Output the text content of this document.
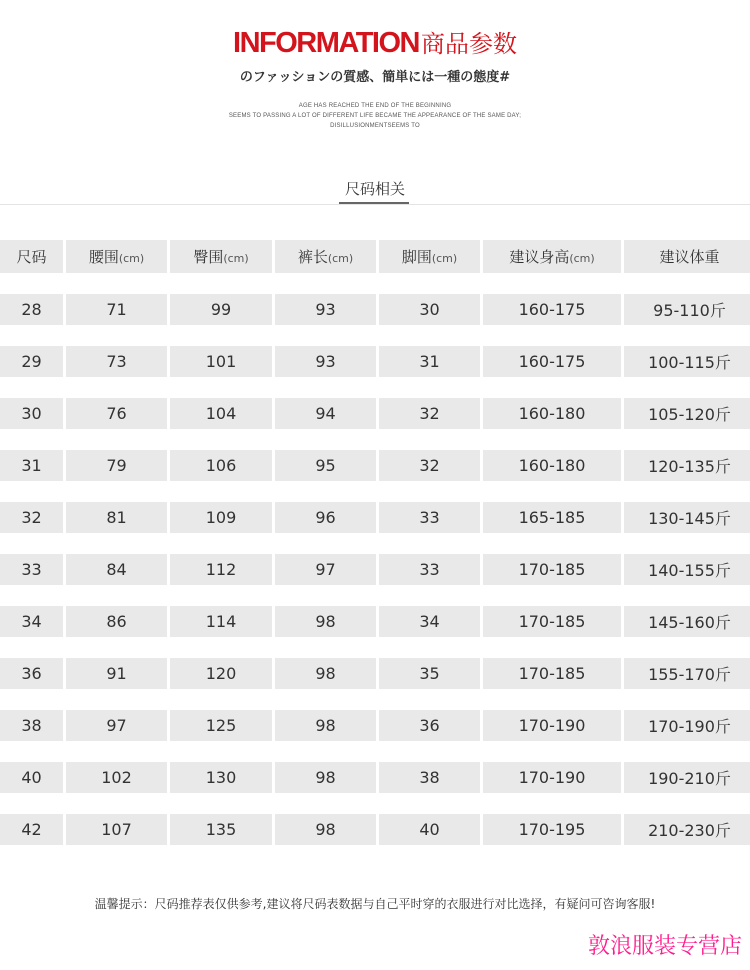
INFORMATION商品参数
のファッションの質感、簡単には一種の態度#
AGE HAS REACHED THE END OF THE BEGINNING
SEEMS TO PASSING A LOT OF DIFFERENT LIFE BECAME THE APPEARANCE OF THE SAME DAY;
DISILLUSIONMENTSEEMS TO
尺码相关
尺码	腰围(cm)	臀围(cm)	裤长(cm)	脚围(cm)	建议身高(cm)	建议体重

28	71	99	93	30	160-175	95-110斤

29	73	101	93	31	160-175	100-115斤

30	76	104	94	32	160-180	105-120斤

31	79	106	95	32	160-180	120-135斤

32	81	109	96	33	165-185	130-145斤

33	84	112	97	33	170-185	140-155斤

34	86	114	98	34	170-185	145-160斤

36	91	120	98	35	170-185	155-170斤

38	97	125	98	36	170-190	170-190斤

40	102	130	98	38	170-190	190-210斤

42	107	135	98	40	170-195	210-230斤
温馨提示：尺码推荐表仅供参考,建议将尺码表数据与自己平时穿的衣服进行对比选择，有疑问可咨询客服!
敦浪服装专营店
